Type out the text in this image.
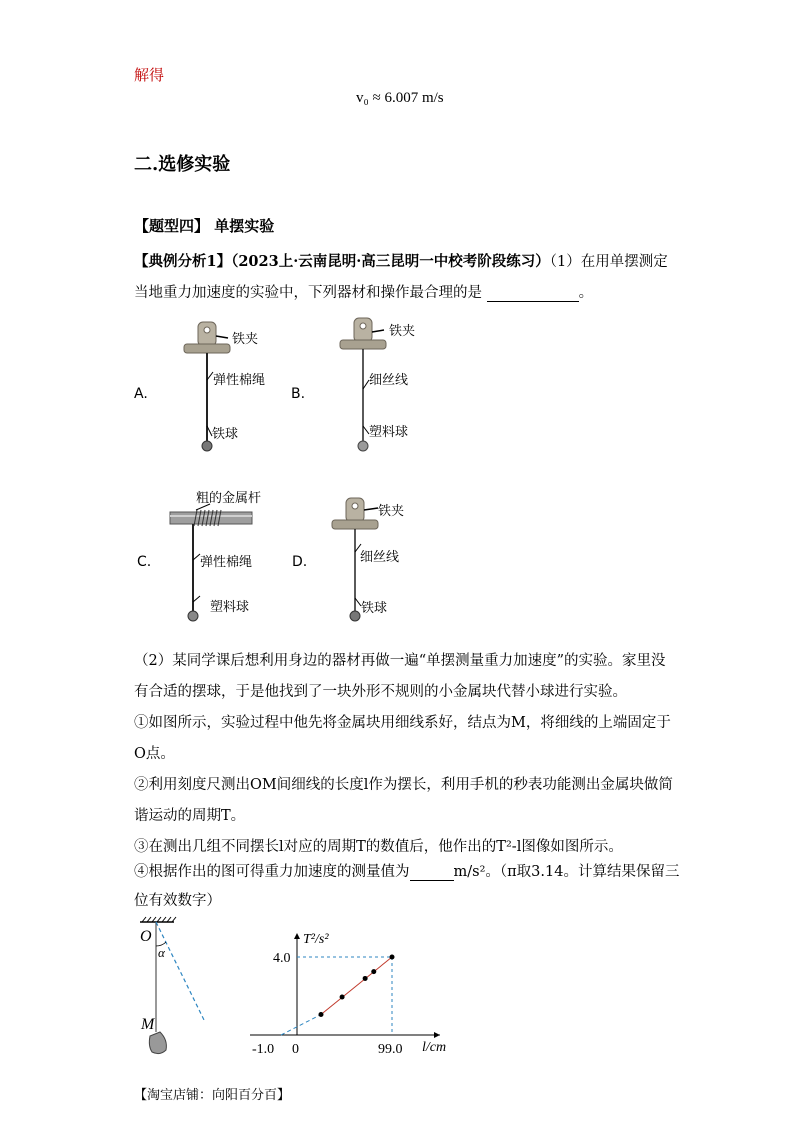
解得
v₀ ≈ 6.007 m/s
二.选修实验
【题型四】 单摆实验
【典例分析1】（2023上·云南昆明·高三昆明一中校考阶段练习）（1）在用单摆测定
当地重力加速度的实验中，下列器材和操作最合理的是	。
A.	B.
C.	D.
铁夹
弹性棉绳
铁球
铁夹
细丝线
塑料球
粗的金属杆
弹性棉绳
塑料球
铁夹
细丝线
铁球
（2）某同学课后想利用身边的器材再做一遍“单摆测量重力加速度”的实验。家里没
有合适的摆球，于是他找到了一块外形不规则的小金属块代替小球进行实验。
①如图所示，实验过程中他先将金属块用细线系好，结点为M，将细线的上端固定于
O点。
②利用刻度尺测出OM间细线的长度l作为摆长，利用手机的秒表功能测出金属块做简
谐运动的周期T。
③在测出几组不同摆长l对应的周期T的数值后，他作出的T²-l图像如图所示。
④根据作出的图可得重力加速度的测量值为	m/s²。（π取3.14。计算结果保留三
位有效数字）
O
α
M
T²/s²
l/cm
-1.0 0	99.0
4.0
【淘宝店铺：向阳百分百】
